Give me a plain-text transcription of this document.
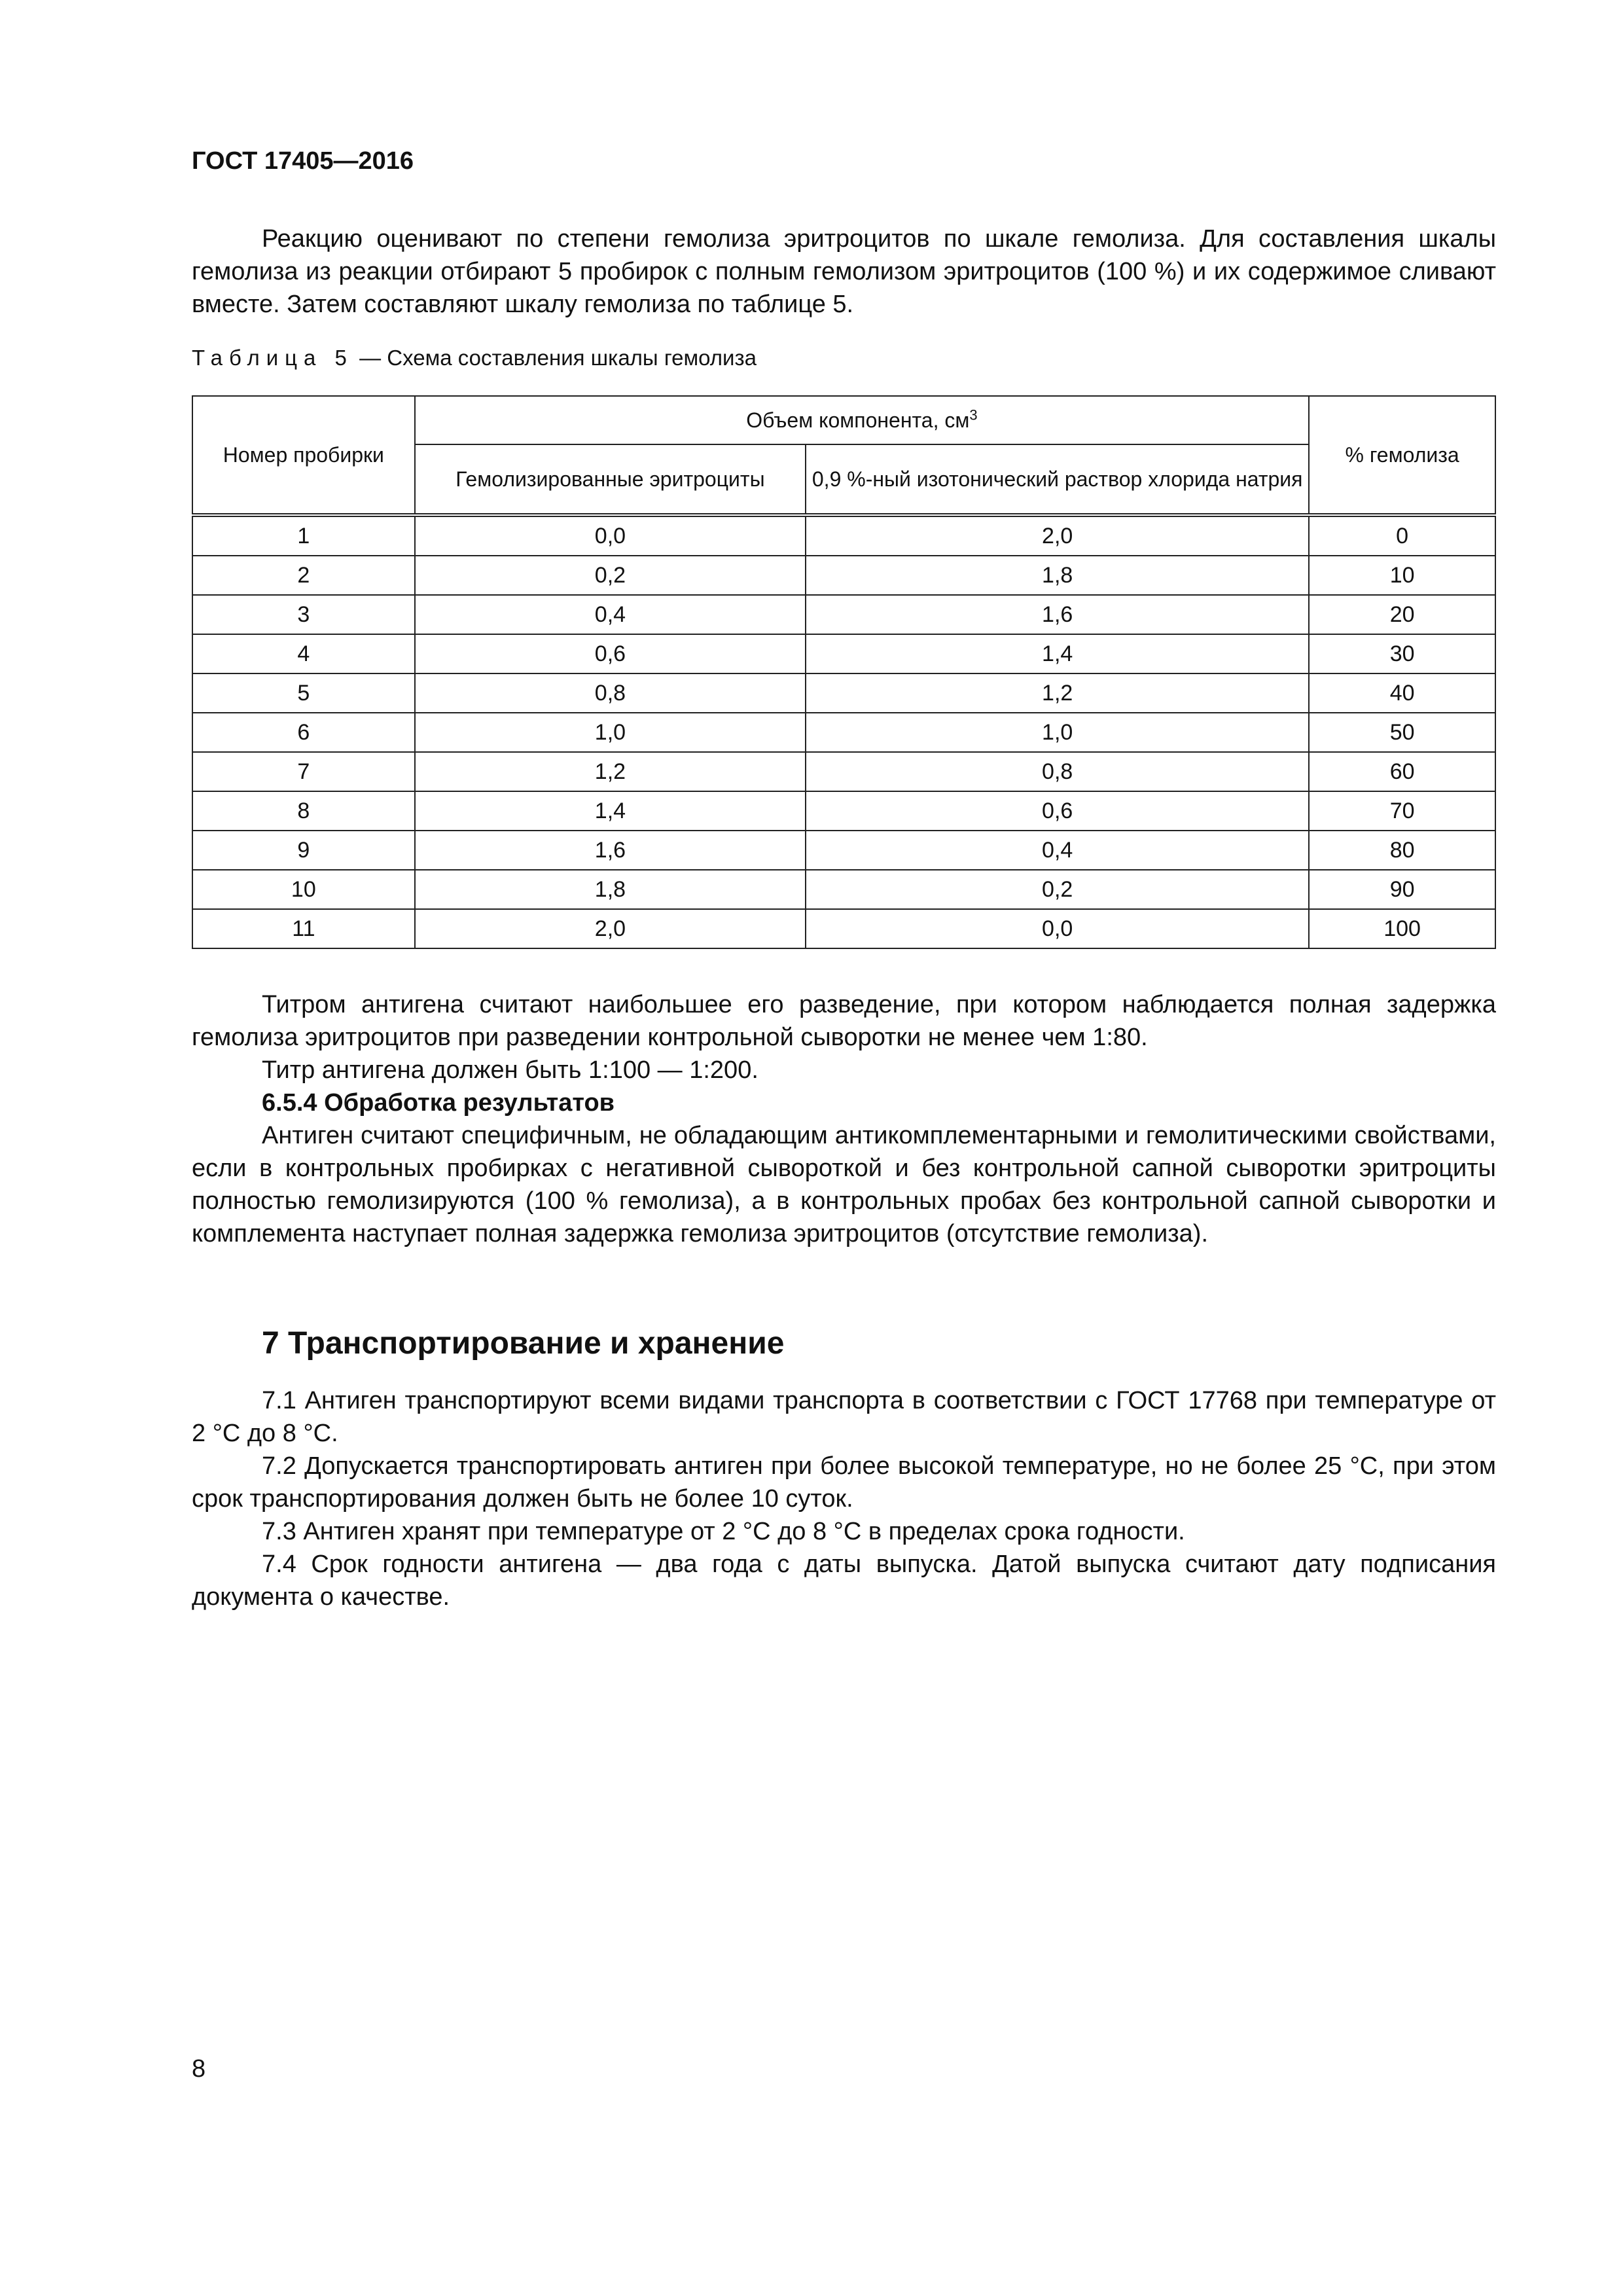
ГОСТ 17405—2016

Реакцию оценивают по степени гемолиза эритроцитов по шкале гемолиза. Для составления шкалы гемолиза из реакции отбирают 5 пробирок с полным гемолизом эритроцитов (100 %) и их содержимое сливают вместе. Затем составляют шкалу гемолиза по таблице 5.

Таблица 5 — Схема составления шкалы гемолиза
Номер пробирки	Объем компонента, $см^3$		% гемолиза
	Гемолизированные эритроциты	0,9 %-ный изотонический раствор хлорида натрия	
1	0,0	2,0	0
2	0,2	1,8	10
3	0,4	1,6	20
4	0,6	1,4	30
5	0,8	1,2	40
6	1,0	1,0	50
7	1,2	0,8	60
8	1,4	0,6	70
9	1,6	0,4	80
10	1,8	0,2	90
11	2,0	0,0	100

Титром антигена считают наибольшее его разведение, при котором наблюдается полная задержка гемолиза эритроцитов при разведении контрольной сыворотки не менее чем 1:80.

Титр антигена должен быть 1:100 — 1:200.

6.5.4 Обработка результатов

Антиген считают специфичным, не обладающим антикомплементарными и гемолитическими свойствами, если в контрольных пробирках с негативной сывороткой и без контрольной сапной сыворотки эритроциты полностью гемолизируются (100 % гемолиза), а в контрольных пробах без контрольной сапной сыворотки и комплемента наступает полная задержка гемолиза эритроцитов (отсутствие гемолиза).

7 Транспортирование и хранение

7.1 Антиген транспортируют всеми видами транспорта в соответствии с ГОСТ 17768 при температуре от 2 °С до 8 °С.

7.2 Допускается транспортировать антиген при более высокой температуре, но не более 25 °С, при этом срок транспортирования должен быть не более 10 суток.

7.3 Антиген хранят при температуре от 2 °С до 8 °С в пределах срока годности.

7.4 Срок годности антигена — два года с даты выпуска. Датой выпуска считают дату подписания документа о качестве.

8
